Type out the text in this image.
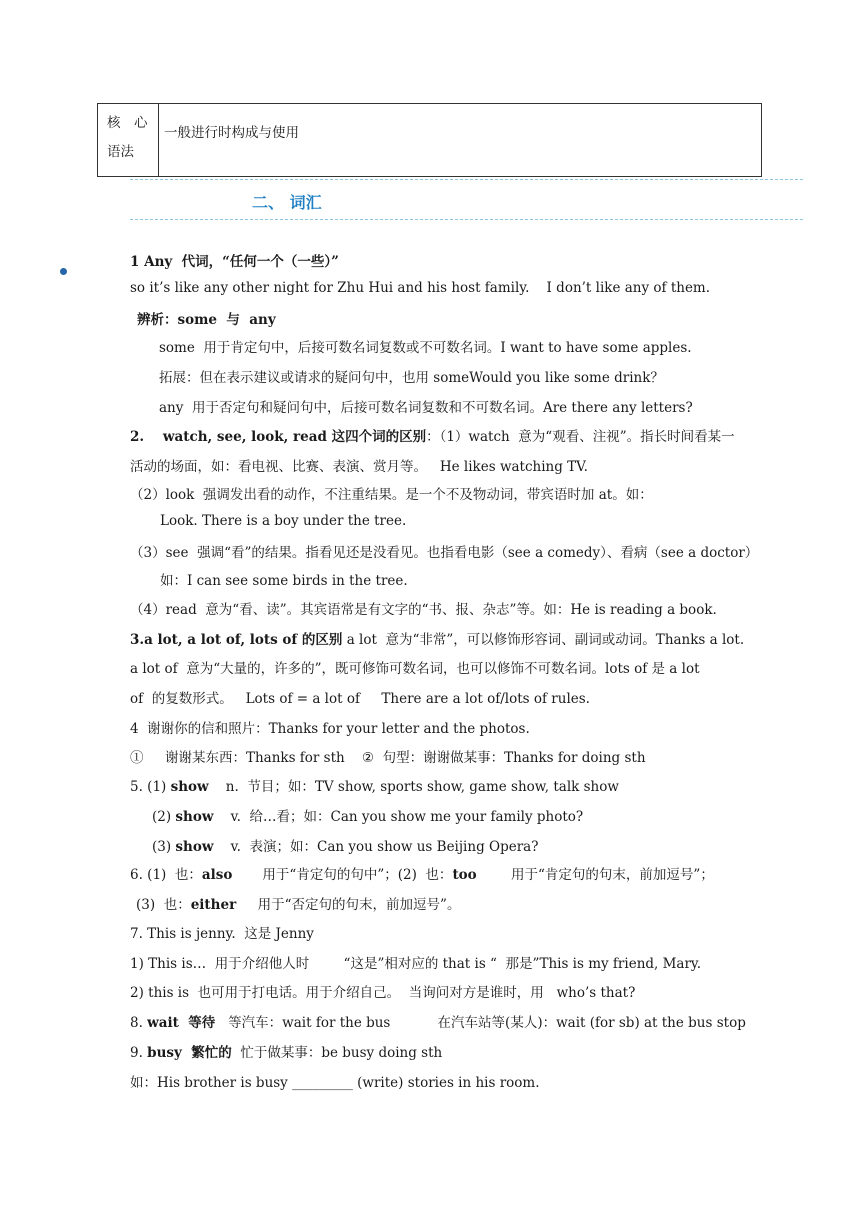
核　心
语法
一般进行时构成与使用
二、 词汇
1 Any  代词，“任何一个（一些）”
so it’s like any other night for Zhu Hui and his host family.    I don’t like any of them.
辨析：some  与  any
some  用于肯定句中，后接可数名词复数或不可数名词。I want to have some apples.
拓展：但在表示建议或请求的疑问句中，也用 someWould you like some drink？
any  用于否定句和疑问句中，后接可数名词复数和不可数名词。Are there any letters?
2.    watch, see, look, read 这四个词的区别：（1）watch  意为“观看、注视”。指长时间看某一
活动的场面，如：看电视、比赛、表演、赏月等。   He likes watching TV.
（2）look  强调发出看的动作，不注重结果。是一个不及物动词，带宾语时加 at。如：
Look. There is a boy under the tree.
（3）see  强调“看”的结果。指看见还是没看见。也指看电影（see a comedy）、看病（see a doctor）
如：I can see some birds in the tree.
（4）read  意为“看、读”。其宾语常是有文字的“书、报、杂志”等。如：He is reading a book.
3.a lot, a lot of, lots of 的区别 a lot  意为“非常”，可以修饰形容词、副词或动词。Thanks a lot.
a lot of  意为“大量的，许多的”，既可修饰可数名词，也可以修饰不可数名词。lots of 是 a lot
of  的复数形式。   Lots of = a lot of     There are a lot of/lots of rules.
4  谢谢你的信和照片：Thanks for your letter and the photos.
①     谢谢某东西：Thanks for sth    ②  句型：谢谢做某事：Thanks for doing sth
5. (1) show    n.  节目；如：TV show, sports show, game show, talk show
(2) show    v.  给…看；如：Can you show me your family photo?
(3) show    v.  表演；如：Can you show us Beijing Opera?
6. (1)  也：also       用于“肯定句的句中”；(2)  也：too        用于“肯定句的句末，前加逗号”；
(3)  也：either     用于“否定句的句末，前加逗号”。
7. This is jenny.  这是 Jenny
1) This is…  用于介绍他人时        “这是”相对应的 that is “  那是”This is my friend, Mary.
2) this is  也可用于打电话。用于介绍自己。  当询问对方是谁时，用   who’s that?
8. wait  等待   等汽车：wait for the bus           在汽车站等(某人)：wait (for sb) at the bus stop
9. busy  繁忙的  忙于做某事：be busy doing sth
如：His brother is busy _________ (write) stories in his room.
